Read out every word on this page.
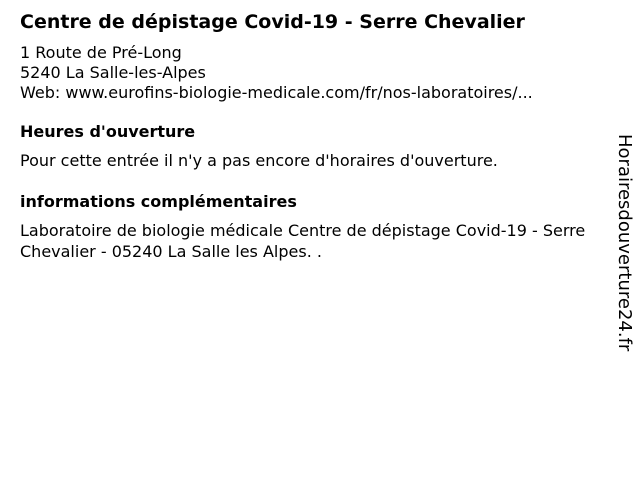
Centre de dépistage Covid-19 - Serre Chevalier
1 Route de Pré-Long
5240 La Salle-les-Alpes
Web: www.eurofins-biologie-medicale.com/fr/nos-laboratoires/...
Heures d'ouverture
Pour cette entrée il n'y a pas encore d'horaires d'ouverture.
informations complémentaires
Laboratoire de biologie médicale Centre de dépistage Covid-19 - Serre Chevalier - 05240 La Salle les Alpes. .	Horairesdouverture24.fr
